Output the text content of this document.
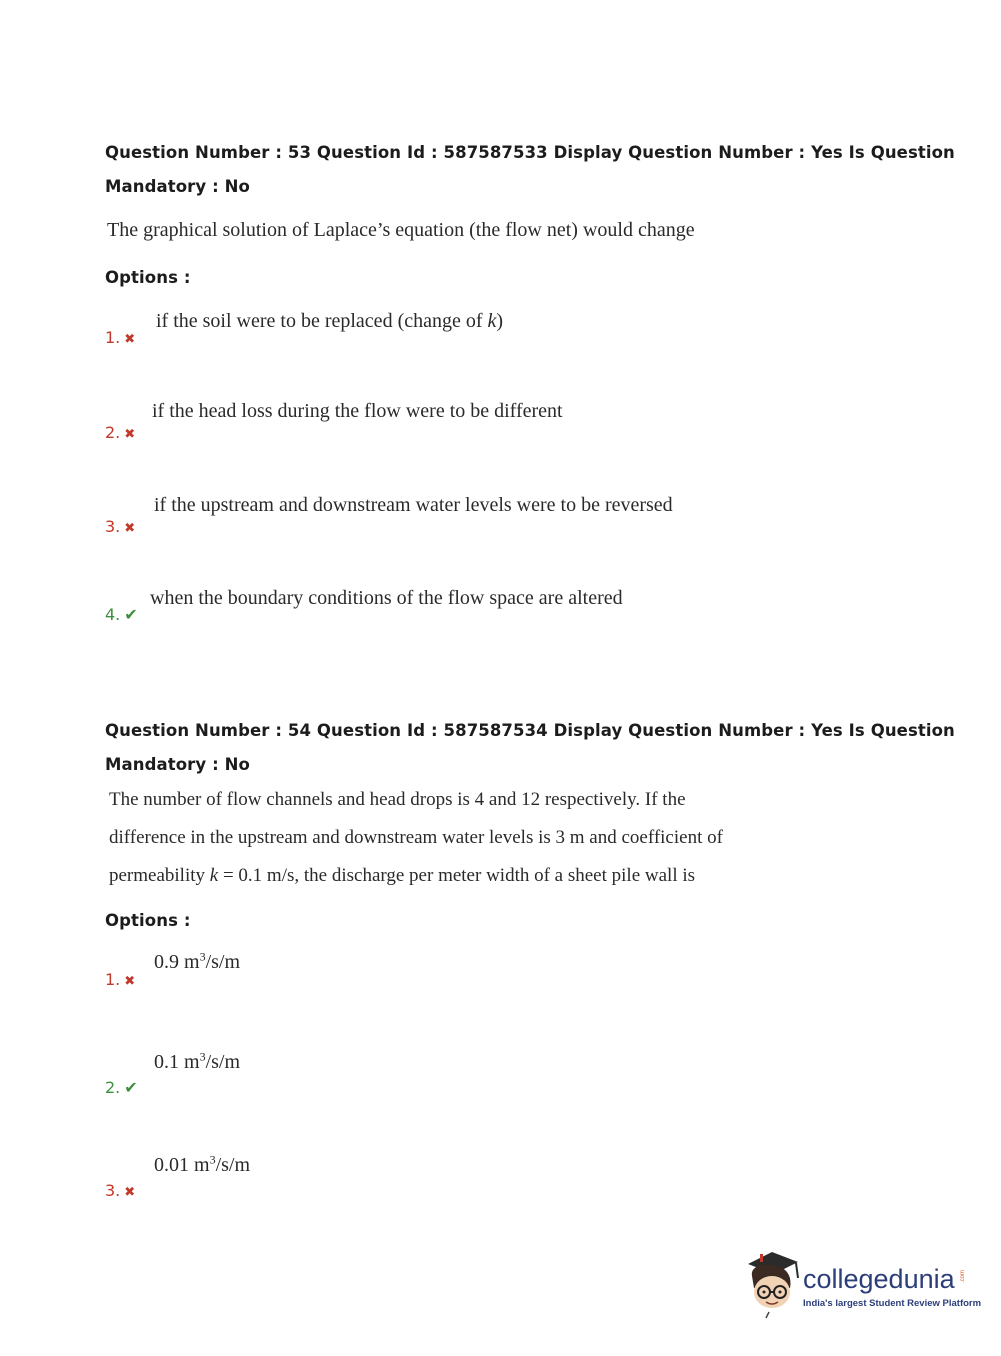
Question Number : 53 Question Id : 587587533 Display Question Number : Yes Is Question
Mandatory : No
The graphical solution of Laplace’s equation (the flow net) would change
Options :
if the soil were to be replaced (change of k)
1. ✖
if the head loss during the flow were to be different
2. ✖
if the upstream and downstream water levels were to be reversed
3. ✖
when the boundary conditions of the flow space are altered
4. ✔
Question Number : 54 Question Id : 587587534 Display Question Number : Yes Is Question
Mandatory : No
The number of flow channels and head drops is 4 and 12 respectively. If the
difference in the upstream and downstream water levels is 3 m and coefficient of
permeability k = 0.1 m/s, the discharge per meter width of a sheet pile wall is
Options :
0.9 $m^3/s/m$
1. ✖
0.1 $m^3/s/m$
2. ✔
0.01 $m^3/s/m$
3. ✖
collegedunia .com
India's largest Student Review Platform
